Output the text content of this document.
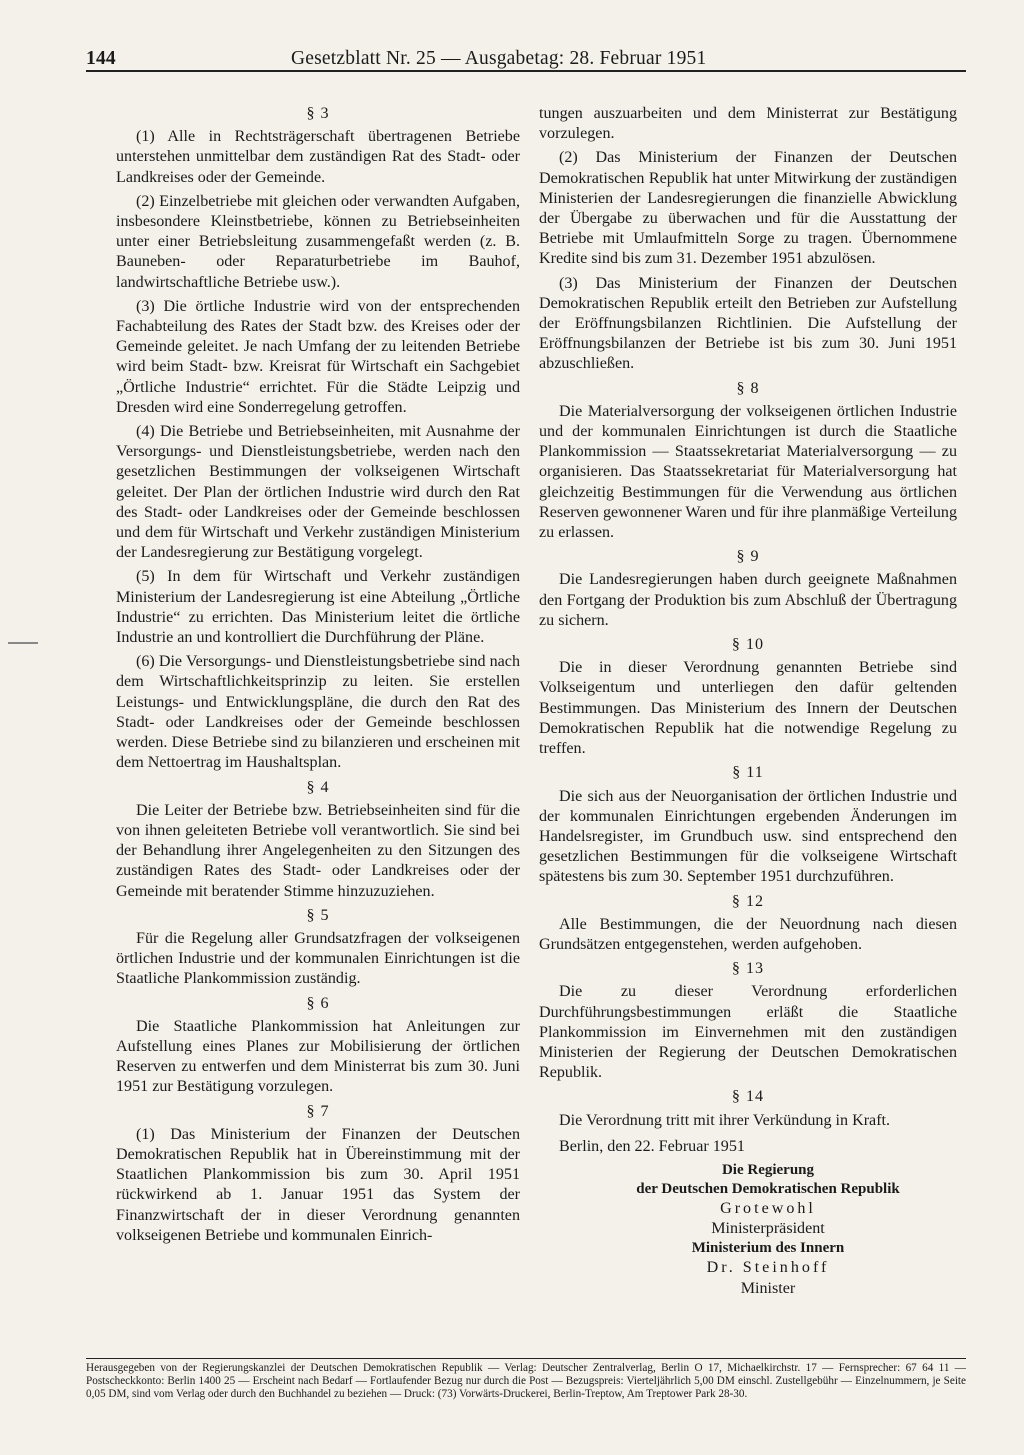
144	Gesetzblatt Nr. 25 — Ausgabetag: 28. Februar 1951
§ 3

(1) Alle in Rechtsträgerschaft übertragenen Betriebe unterstehen unmittelbar dem zuständigen Rat des Stadt- oder Landkreises oder der Gemeinde.

(2) Einzelbetriebe mit gleichen oder verwandten Aufgaben, insbesondere Kleinstbetriebe, können zu Betriebseinheiten unter einer Betriebsleitung zusammengefaßt werden (z. B. Bauneben- oder Reparaturbetriebe im Bauhof, landwirtschaftliche Betriebe usw.).

(3) Die örtliche Industrie wird von der entsprechenden Fachabteilung des Rates der Stadt bzw. des Kreises oder der Gemeinde geleitet. Je nach Umfang der zu leitenden Betriebe wird beim Stadt- bzw. Kreisrat für Wirtschaft ein Sachgebiet „Örtliche Industrie“ errichtet. Für die Städte Leipzig und Dresden wird eine Sonderregelung getroffen.

(4) Die Betriebe und Betriebseinheiten, mit Ausnahme der Versorgungs- und Dienstleistungsbetriebe, werden nach den gesetzlichen Bestimmungen der volkseigenen Wirtschaft geleitet. Der Plan der örtlichen Industrie wird durch den Rat des Stadt- oder Landkreises oder der Gemeinde beschlossen und dem für Wirtschaft und Verkehr zuständigen Ministerium der Landesregierung zur Bestätigung vorgelegt.

(5) In dem für Wirtschaft und Verkehr zuständigen Ministerium der Landesregierung ist eine Abteilung „Örtliche Industrie“ zu errichten. Das Ministerium leitet die örtliche Industrie an und kontrolliert die Durchführung der Pläne.

(6) Die Versorgungs- und Dienstleistungsbetriebe sind nach dem Wirtschaftlichkeitsprinzip zu leiten. Sie erstellen Leistungs- und Entwicklungspläne, die durch den Rat des Stadt- oder Landkreises oder der Gemeinde beschlossen werden. Diese Betriebe sind zu bilanzieren und erscheinen mit dem Nettoertrag im Haushaltsplan.

§ 4

Die Leiter der Betriebe bzw. Betriebseinheiten sind für die von ihnen geleiteten Betriebe voll verantwortlich. Sie sind bei der Behandlung ihrer Angelegenheiten zu den Sitzungen des zuständigen Rates des Stadt- oder Landkreises oder der Gemeinde mit beratender Stimme hinzuzuziehen.

§ 5

Für die Regelung aller Grundsatzfragen der volkseigenen örtlichen Industrie und der kommunalen Einrichtungen ist die Staatliche Plankommission zuständig.

§ 6

Die Staatliche Plankommission hat Anleitungen zur Aufstellung eines Planes zur Mobilisierung der örtlichen Reserven zu entwerfen und dem Ministerrat bis zum 30. Juni 1951 zur Bestätigung vorzulegen.

§ 7

(1) Das Ministerium der Finanzen der Deutschen Demokratischen Republik hat in Übereinstimmung mit der Staatlichen Plankommission bis zum 30. April 1951 rückwirkend ab 1. Januar 1951 das System der Finanzwirtschaft der in dieser Verordnung genannten volkseigenen Betriebe und kommunalen Einrich-

tungen auszuarbeiten und dem Ministerrat zur Bestätigung vorzulegen.

(2) Das Ministerium der Finanzen der Deutschen Demokratischen Republik hat unter Mitwirkung der zuständigen Ministerien der Landesregierungen die finanzielle Abwicklung der Übergabe zu überwachen und für die Ausstattung der Betriebe mit Umlaufmitteln Sorge zu tragen. Übernommene Kredite sind bis zum 31. Dezember 1951 abzulösen.

(3) Das Ministerium der Finanzen der Deutschen Demokratischen Republik erteilt den Betrieben zur Aufstellung der Eröffnungsbilanzen Richtlinien. Die Aufstellung der Eröffnungsbilanzen der Betriebe ist bis zum 30. Juni 1951 abzuschließen.

§ 8

Die Materialversorgung der volkseigenen örtlichen Industrie und der kommunalen Einrichtungen ist durch die Staatliche Plankommission — Staatssekretariat Materialversorgung — zu organisieren. Das Staatssekretariat für Materialversorgung hat gleichzeitig Bestimmungen für die Verwendung aus örtlichen Reserven gewonnener Waren und für ihre planmäßige Verteilung zu erlassen.

§ 9

Die Landesregierungen haben durch geeignete Maßnahmen den Fortgang der Produktion bis zum Abschluß der Übertragung zu sichern.

§ 10

Die in dieser Verordnung genannten Betriebe sind Volkseigentum und unterliegen den dafür geltenden Bestimmungen. Das Ministerium des Innern der Deutschen Demokratischen Republik hat die notwendige Regelung zu treffen.

§ 11

Die sich aus der Neuorganisation der örtlichen Industrie und der kommunalen Einrichtungen ergebenden Änderungen im Handelsregister, im Grundbuch usw. sind entsprechend den gesetzlichen Bestimmungen für die volkseigene Wirtschaft spätestens bis zum 30. September 1951 durchzuführen.

§ 12

Alle Bestimmungen, die der Neuordnung nach diesen Grundsätzen entgegenstehen, werden aufgehoben.

§ 13

Die zu dieser Verordnung erforderlichen Durchführungsbestimmungen erläßt die Staatliche Plankommission im Einvernehmen mit den zuständigen Ministerien der Regierung der Deutschen Demokratischen Republik.

§ 14

Die Verordnung tritt mit ihrer Verkündung in Kraft.

Berlin, den 22. Februar 1951

Die Regierung
der Deutschen Demokratischen Republik
Grotewohl
Ministerpräsident
Ministerium des Innern
Dr. Steinhoff
Minister
Herausgegeben von der Regierungskanzlei der Deutschen Demokratischen Republik — Verlag: Deutscher Zentralverlag, Berlin O 17, Michaelkirchstr. 17 — Fernsprecher: 67 64 11 — Postscheckkonto: Berlin 1400 25 — Erscheint nach Bedarf — Fortlaufender Bezug nur durch die Post — Bezugspreis: Vierteljährlich 5,00 DM einschl. Zustellgebühr — Einzelnummern, je Seite 0,05 DM, sind vom Verlag oder durch den Buchhandel zu beziehen — Druck: (73) Vorwärts-Druckerei, Berlin-Treptow, Am Treptower Park 28-30.
